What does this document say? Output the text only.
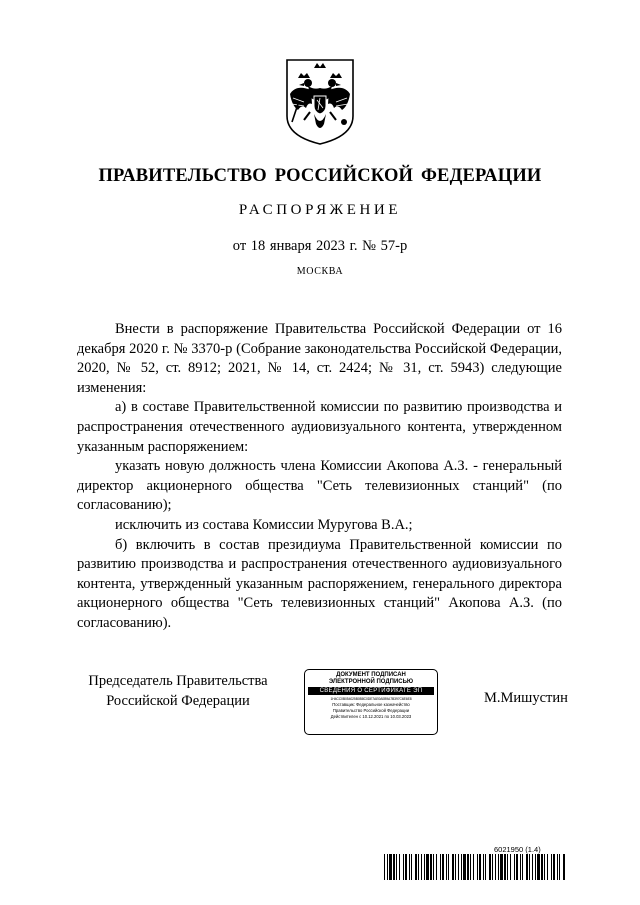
ПРАВИТЕЛЬСТВО РОССИЙСКОЙ ФЕДЕРАЦИИ
РАСПОРЯЖЕНИЕ
от 18 января 2023 г. № 57-р
МОСКВА

Внести в распоряжение Правительства Российской Федерации от 16 декабря 2020 г. № 3370-р (Собрание законодательства Российской Федерации, 2020, № 52, ст. 8912; 2021, № 14, ст. 2424; № 31, ст. 5943) следующие изменения:

а) в составе Правительственной комиссии по развитию производства и распространения отечественного аудиовизуального контента, утвержденном указанным распоряжением:

указать новую должность члена Комиссии Акопова А.З. - генеральный директор акционерного общества "Сеть телевизионных станций" (по согласованию);

исключить из состава Комиссии Муругова В.А.;

б) включить в состав президиума Правительственной комиссии по развитию производства и распространения отечественного аудиовизуального контента, утвержденный указанным распоряжением, генерального директора акционерного общества "Сеть телевизионных станций" Акопова А.З. (по согласованию).

Председатель Правительства
Российской Федерации
ДОКУМЕНТ ПОДПИСАН
ЭЛЕКТРОННОЙ ПОДПИСЬЮ
СВЕДЕНИЯ О СЕРТИФИКАТЕ ЭП
1H4CC0B054025B0B8C0DE7AE0A0B9A7B397C6E6E8
Поставщик: Федеральное казначейство
Правительство Российской Федерации
Действителен с 10.12.2021 по 10.03.2023
М.Мишустин
6021950 (1.4)
